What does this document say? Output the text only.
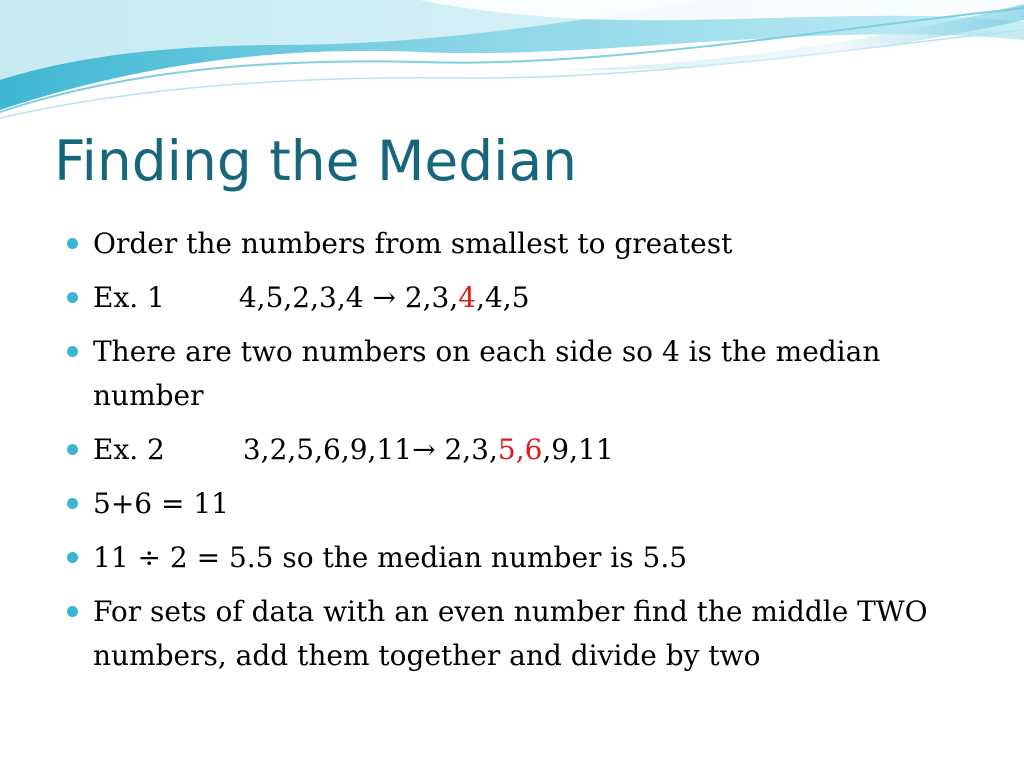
Finding the Median
Order the numbers from smallest to greatest
Ex. 1	4,5,2,3,4 → 2,3,4,4,5
There are two numbers on each side so 4 is the median number
Ex. 2	3,2,5,6,9,11→ 2,3,5,6,9,11
5+6 = 11
11 ÷ 2 = 5.5 so the median number is 5.5
For sets of data with an even number find the middle TWO numbers, add them together and divide by two
